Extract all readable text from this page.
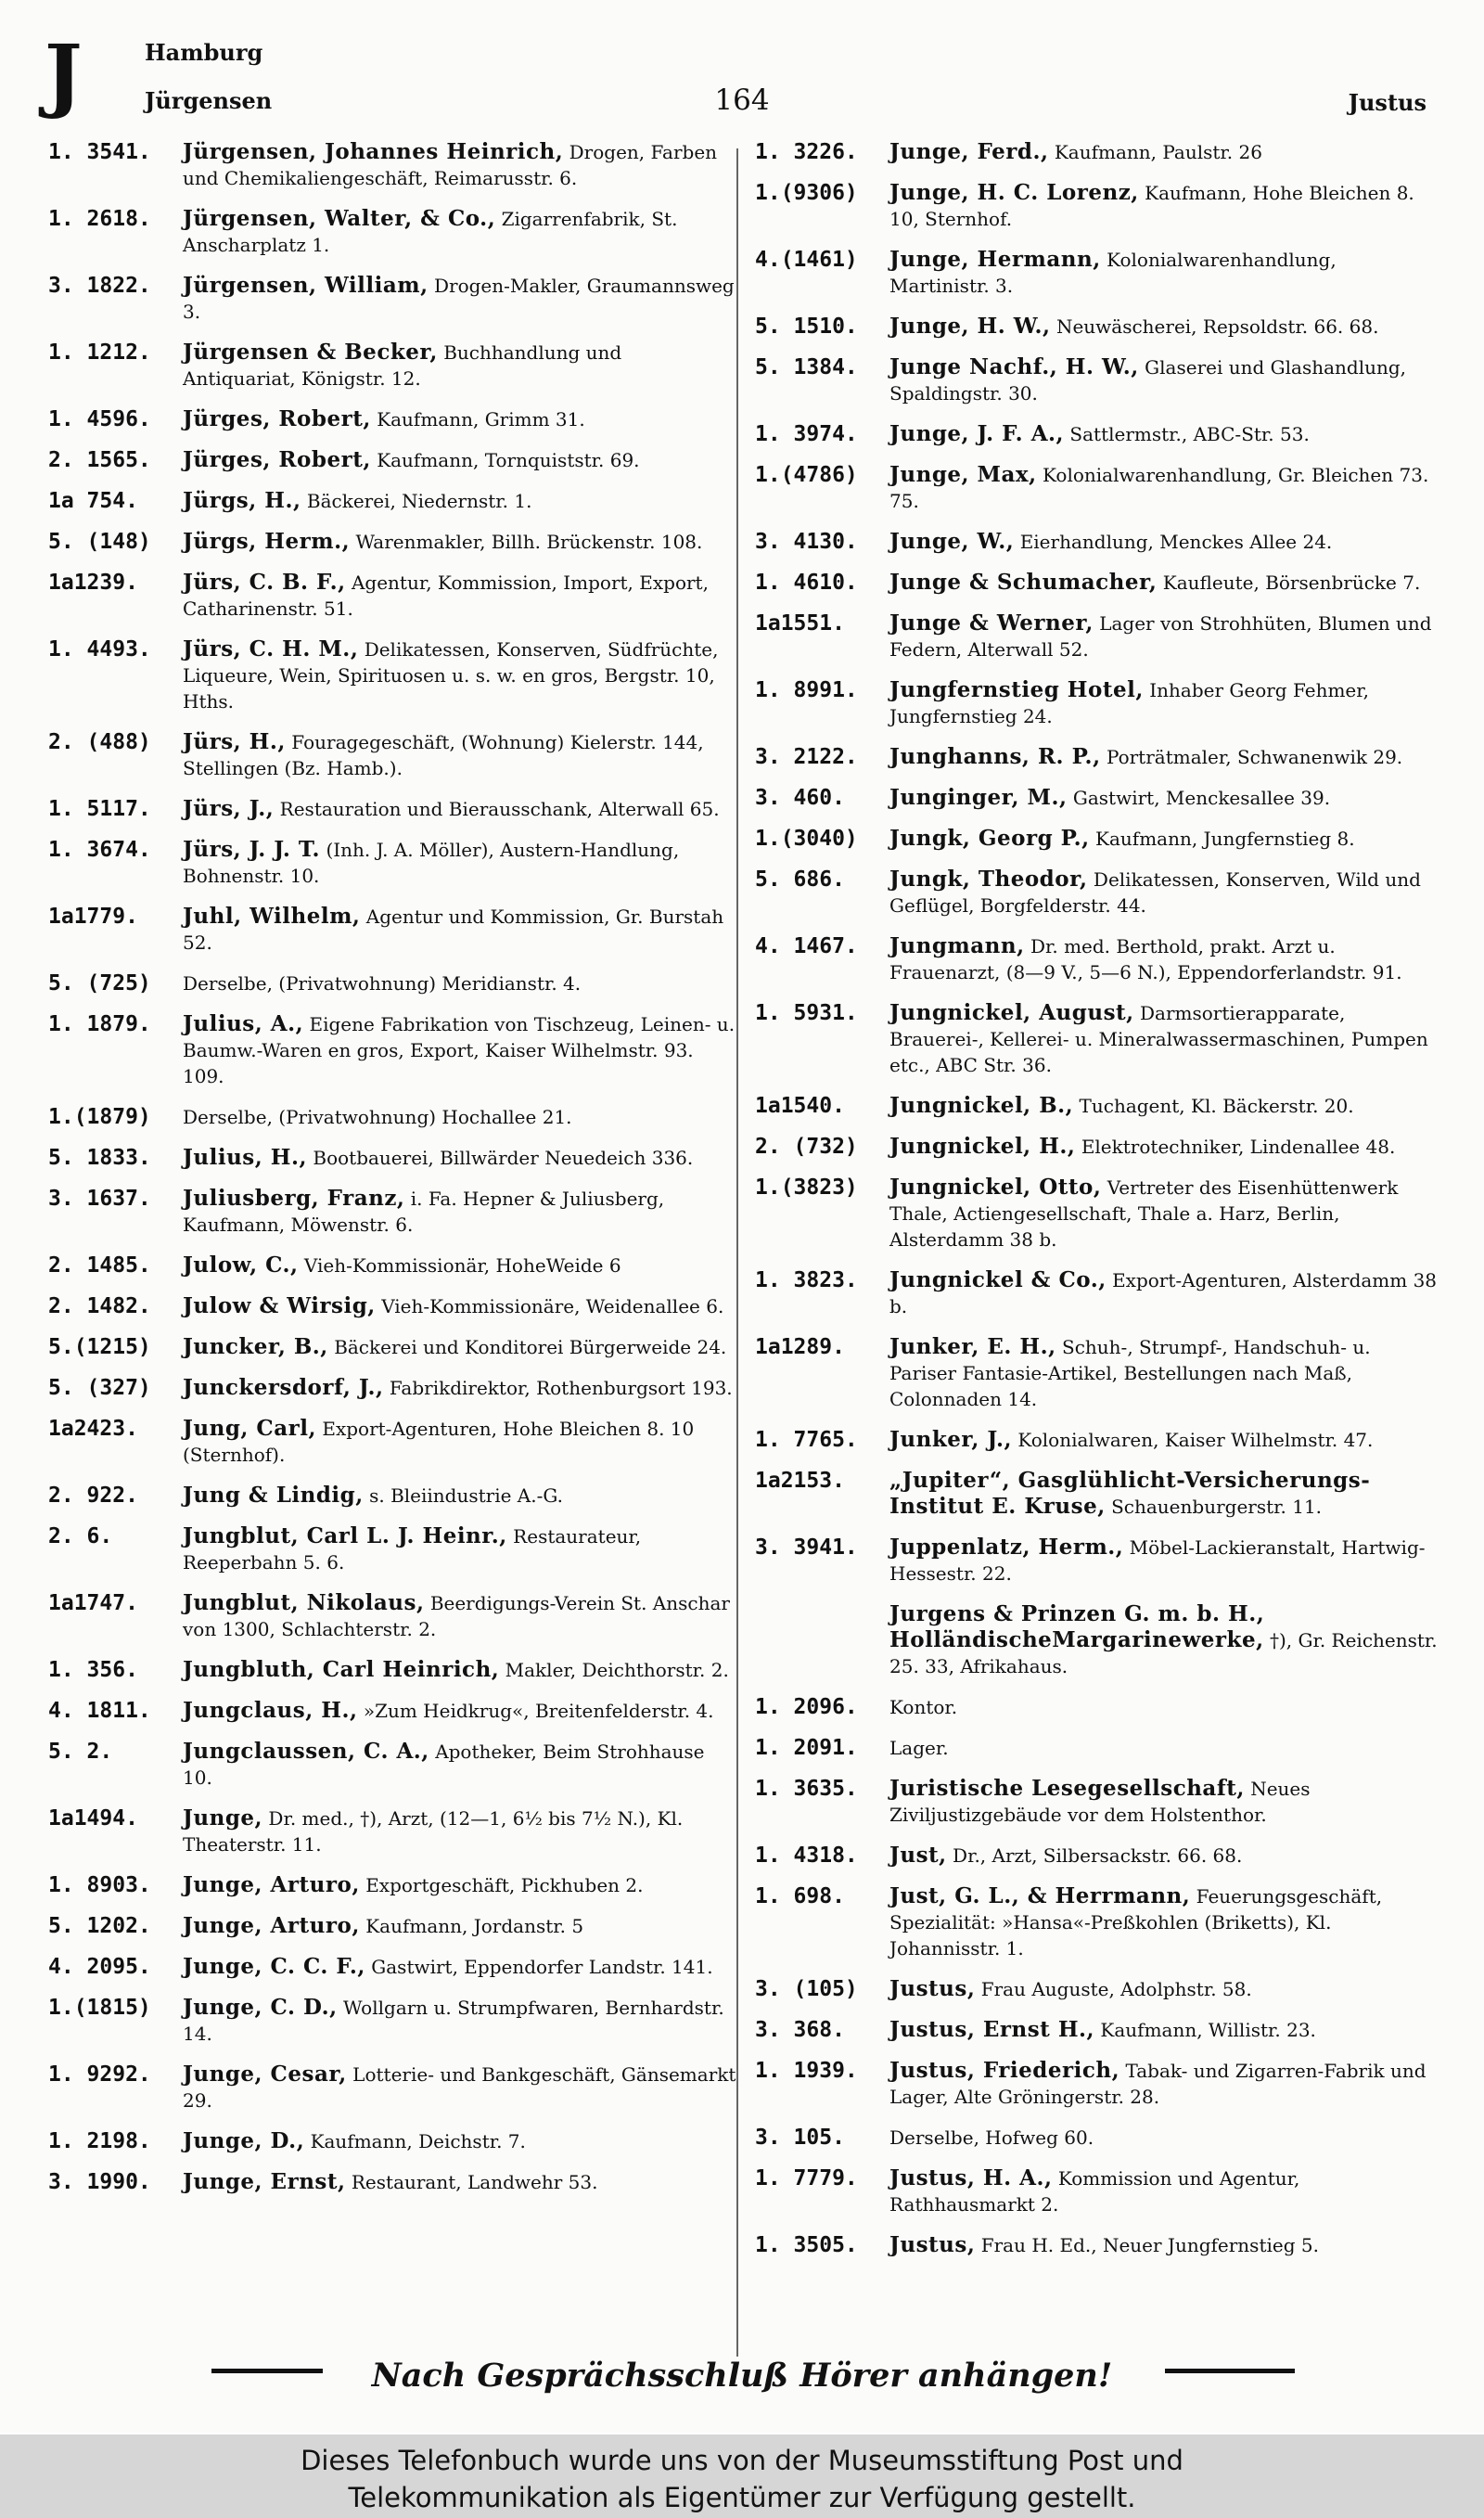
J	Hamburg
Jürgensen	164	Justus
1. 3541.	Jürgensen, Johannes Heinrich, Drogen, Farben und Chemikaliengeschäft, Reimarusstr. 6.
1. 2618.	Jürgensen, Walter, & Co., Zigarrenfabrik, St. Anscharplatz 1.
3. 1822.	Jürgensen, William, Drogen-Makler, Graumannsweg 3.
1. 1212.	Jürgensen & Becker, Buchhandlung und Antiquariat, Königstr. 12.
1. 4596.	Jürges, Robert, Kaufmann, Grimm 31.
2. 1565.	Jürges, Robert, Kaufmann, Tornquiststr. 69.
1a 754.	Jürgs, H., Bäckerei, Niedernstr. 1.
5. (148)	Jürgs, Herm., Warenmakler, Billh. Brückenstr. 108.
1a1239.	Jürs, C. B. F., Agentur, Kommission, Import, Export, Catharinenstr. 51.
1. 4493.	Jürs, C. H. M., Delikatessen, Konserven, Südfrüchte, Liqueure, Wein, Spirituosen u. s. w. en gros, Bergstr. 10, Hths.
2. (488)	Jürs, H., Fouragegeschäft, (Wohnung) Kielerstr. 144, Stellingen (Bz. Hamb.).
1. 5117.	Jürs, J., Restauration und Bierausschank, Alterwall 65.
1. 3674.	Jürs, J. J. T. (Inh. J. A. Möller), Austern-Handlung, Bohnenstr. 10.
1a1779.	Juhl, Wilhelm, Agentur und Kommission, Gr. Burstah 52.
5. (725)	Derselbe, (Privatwohnung) Meridianstr. 4.
1. 1879.	Julius, A., Eigene Fabrikation von Tischzeug, Leinen- u. Baumw.-Waren en gros, Export, Kaiser Wilhelmstr. 93. 109.
1.(1879)	Derselbe, (Privatwohnung) Hochallee 21.
5. 1833.	Julius, H., Bootbauerei, Billwärder Neuedeich 336.
3. 1637.	Juliusberg, Franz, i. Fa. Hepner & Juliusberg, Kaufmann, Möwenstr. 6.
2. 1485.	Julow, C., Vieh-Kommissionär, HoheWeide 6
2. 1482.	Julow & Wirsig, Vieh-Kommissionäre, Weidenallee 6.
5.(1215)	Juncker, B., Bäckerei und Konditorei Bürgerweide 24.
5. (327)	Junckersdorf, J., Fabrikdirektor, Rothenburgsort 193.
1a2423.	Jung, Carl, Export-Agenturen, Hohe Bleichen 8. 10 (Sternhof).
2. 922.	Jung & Lindig, s. Bleiindustrie A.-G.
2. 6.	Jungblut, Carl L. J. Heinr., Restaurateur, Reeperbahn 5. 6.
1a1747.	Jungblut, Nikolaus, Beerdigungs-Verein St. Anschar von 1300, Schlachterstr. 2.
1. 356.	Jungbluth, Carl Heinrich, Makler, Deichthorstr. 2.
4. 1811.	Jungclaus, H., »Zum Heidkrug«, Breitenfelderstr. 4.
5. 2.	Jungclaussen, C. A., Apotheker, Beim Strohhause 10.
1a1494.	Junge, Dr. med., †), Arzt, (12—1, 6½ bis 7½ N.), Kl. Theaterstr. 11.
1. 8903.	Junge, Arturo, Exportgeschäft, Pickhuben 2.
5. 1202.	Junge, Arturo, Kaufmann, Jordanstr. 5
4. 2095.	Junge, C. C. F., Gastwirt, Eppendorfer Landstr. 141.
1.(1815)	Junge, C. D., Wollgarn u. Strumpfwaren, Bernhardstr. 14.
1. 9292.	Junge, Cesar, Lotterie- und Bankgeschäft, Gänsemarkt 29.
1. 2198.	Junge, D., Kaufmann, Deichstr. 7.
3. 1990.	Junge, Ernst, Restaurant, Landwehr 53.
1. 3226.	Junge, Ferd., Kaufmann, Paulstr. 26
1.(9306)	Junge, H. C. Lorenz, Kaufmann, Hohe Bleichen 8. 10, Sternhof.
4.(1461)	Junge, Hermann, Kolonialwarenhandlung, Martinistr. 3.
5. 1510.	Junge, H. W., Neuwäscherei, Repsoldstr. 66. 68.
5. 1384.	Junge Nachf., H. W., Glaserei und Glashandlung, Spaldingstr. 30.
1. 3974.	Junge, J. F. A., Sattlermstr., ABC-Str. 53.
1.(4786)	Junge, Max, Kolonialwarenhandlung, Gr. Bleichen 73. 75.
3. 4130.	Junge, W., Eierhandlung, Menckes Allee 24.
1. 4610.	Junge & Schumacher, Kaufleute, Börsenbrücke 7.
1a1551.	Junge & Werner, Lager von Strohhüten, Blumen und Federn, Alterwall 52.
1. 8991.	Jungfernstieg Hotel, Inhaber Georg Fehmer, Jungfernstieg 24.
3. 2122.	Junghanns, R. P., Porträtmaler, Schwanenwik 29.
3. 460.	Junginger, M., Gastwirt, Menckesallee 39.
1.(3040)	Jungk, Georg P., Kaufmann, Jungfernstieg 8.
5. 686.	Jungk, Theodor, Delikatessen, Konserven, Wild und Geflügel, Borgfelderstr. 44.
4. 1467.	Jungmann, Dr. med. Berthold, prakt. Arzt u. Frauenarzt, (8—9 V., 5—6 N.), Eppendorferlandstr. 91.
1. 5931.	Jungnickel, August, Darmsortierapparate, Brauerei-, Kellerei- u. Mineralwassermaschinen, Pumpen etc., ABC Str. 36.
1a1540.	Jungnickel, B., Tuchagent, Kl. Bäckerstr. 20.
2. (732)	Jungnickel, H., Elektrotechniker, Lindenallee 48.
1.(3823)	Jungnickel, Otto, Vertreter des Eisenhüttenwerk Thale, Actiengesellschaft, Thale a. Harz, Berlin, Alsterdamm 38 b.
1. 3823.	Jungnickel & Co., Export-Agenturen, Alsterdamm 38 b.
1a1289.	Junker, E. H., Schuh-, Strumpf-, Handschuh- u. Pariser Fantasie-Artikel, Bestellungen nach Maß, Colonnaden 14.
1. 7765.	Junker, J., Kolonialwaren, Kaiser Wilhelmstr. 47.
1a2153.	„Jupiter“, Gasglühlicht-Versicherungs-Institut E. Kruse, Schauenburgerstr. 11.
3. 3941.	Juppenlatz, Herm., Möbel-Lackieranstalt, Hartwig-Hessestr. 22.
Jurgens & Prinzen G. m. b. H., HolländischeMargarinewerke, †), Gr. Reichenstr. 25. 33, Afrikahaus.
1. 2096.	Kontor.
1. 2091.	Lager.
1. 3635.	Juristische Lesegesellschaft, Neues Ziviljustizgebäude vor dem Holstenthor.
1. 4318.	Just, Dr., Arzt, Silbersackstr. 66. 68.
1. 698.	Just, G. L., & Herrmann, Feuerungsgeschäft, Spezialität: »Hansa«-Preßkohlen (Briketts), Kl. Johannisstr. 1.
3. (105)	Justus, Frau Auguste, Adolphstr. 58.
3. 368.	Justus, Ernst H., Kaufmann, Willistr. 23.
1. 1939.	Justus, Friederich, Tabak- und Zigarren-Fabrik und Lager, Alte Gröningerstr. 28.
3. 105.	Derselbe, Hofweg 60.
1. 7779.	Justus, H. A., Kommission und Agentur, Rathhausmarkt 2.
1. 3505.	Justus, Frau H. Ed., Neuer Jungfernstieg 5.
Nach Gesprächsschluß Hörer anhängen!
Dieses Telefonbuch wurde uns von der Museumsstiftung Post und
Telekommunikation als Eigentümer zur Verfügung gestellt.
